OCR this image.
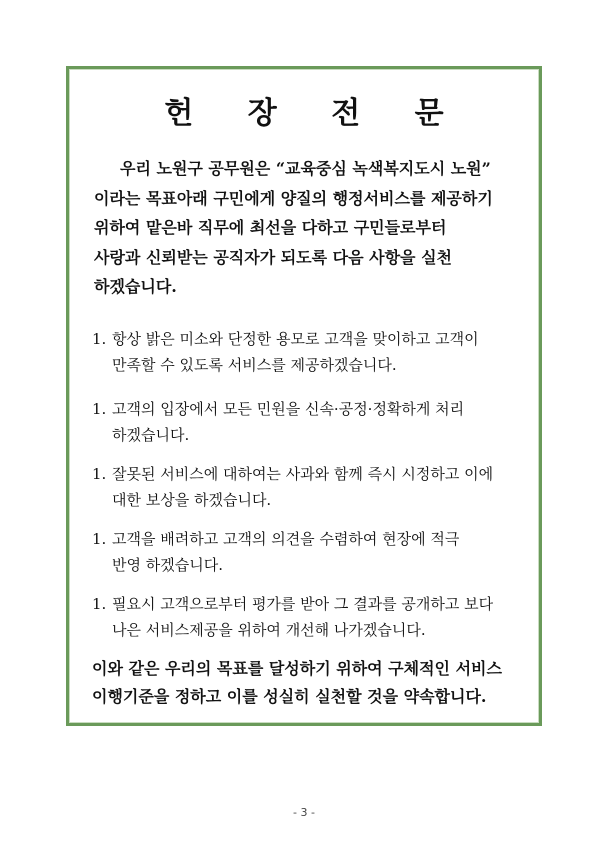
헌 장 전 문
우리 노원구 공무원은 “교육중심 녹색복지도시 노원”
이라는 목표아래 구민에게 양질의 행정서비스를 제공하기
위하여 맡은바 직무에 최선을 다하고 구민들로부터
사랑과 신뢰받는 공직자가 되도록 다음 사항을 실천
하겠습니다.
1. 항상 밝은 미소와 단정한 용모로 고객을 맞이하고 고객이
만족할 수 있도록 서비스를 제공하겠습니다.
1. 고객의 입장에서 모든 민원을 신속·공정·정확하게 처리
하겠습니다.
1. 잘못된 서비스에 대하여는 사과와 함께 즉시 시정하고 이에
대한 보상을 하겠습니다.
1. 고객을 배려하고 고객의 의견을 수렴하여 현장에 적극
반영 하겠습니다.
1. 필요시 고객으로부터 평가를 받아 그 결과를 공개하고 보다
나은 서비스제공을 위하여 개선해 나가겠습니다.
이와 같은 우리의 목표를 달성하기 위하여 구체적인 서비스
이행기준을 정하고 이를 성실히 실천할 것을 약속합니다.
- 3 -
